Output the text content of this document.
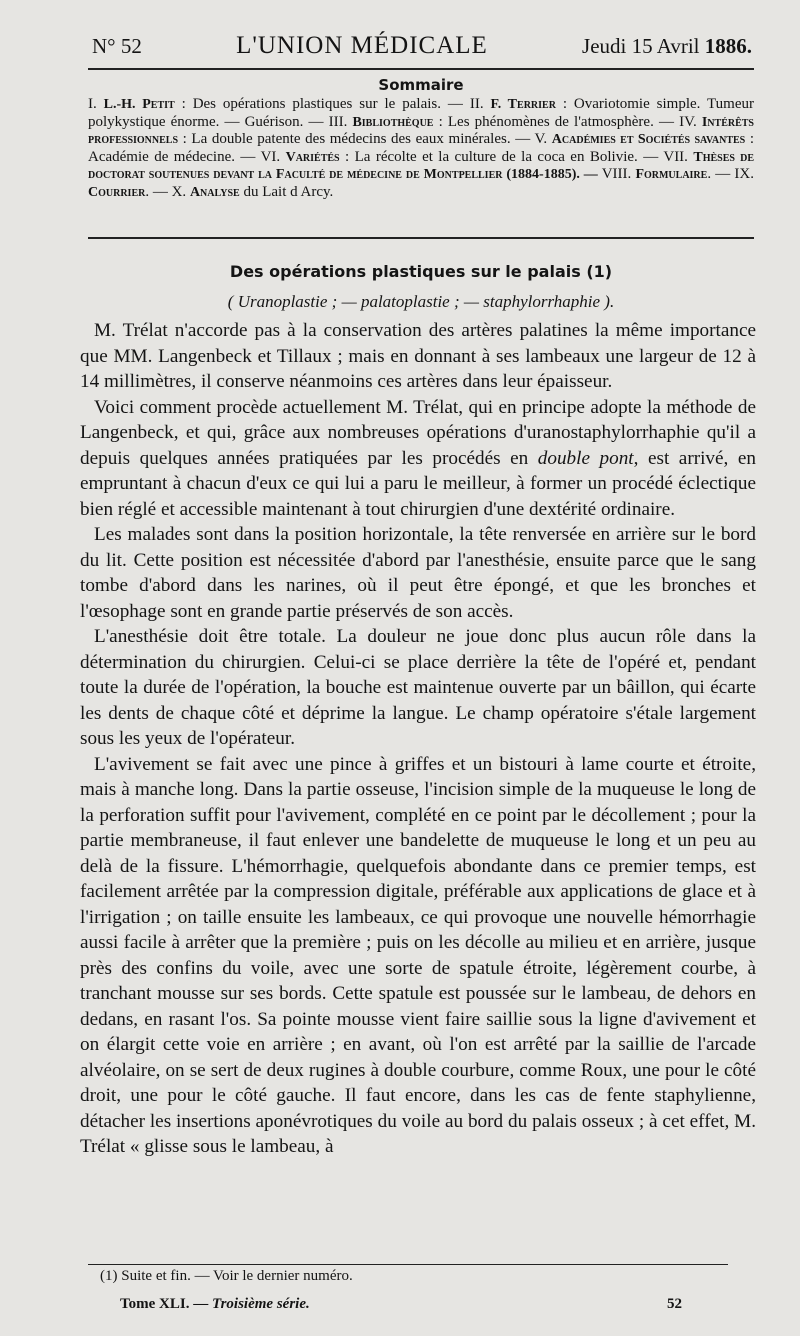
N° 52	L'UNION MÉDICALE	Jeudi 15 Avril 1886.
Sommaire

I. L.-H. Petit : Des opérations plastiques sur le palais. — II. F. Terrier : Ovariotomie simple. Tumeur polykystique énorme. — Guérison. — III. Bibliothèque : Les phénomènes de l'atmosphère. — IV. Intérêts professionnels : La double patente des médecins des eaux minérales. — V. Académies et Sociétés savantes : Académie de médecine. — VI. Variétés : La récolte et la culture de la coca en Bolivie. — VII. Thèses de doctorat soutenues devant la Faculté de médecine de Montpellier (1884-1885). — VIII. Formulaire. — IX. Courrier. — X. Analyse du Lait d Arcy.

Des opérations plastiques sur le palais (1)
( Uranoplastie ; — palatoplastie ; — staphylorrhaphie ).

M. Trélat n'accorde pas à la conservation des artères palatines la même importance que MM. Langenbeck et Tillaux ; mais en donnant à ses lambeaux une largeur de 12 à 14 millimètres, il conserve néanmoins ces artères dans leur épaisseur.

Voici comment procède actuellement M. Trélat, qui en principe adopte la méthode de Langenbeck, et qui, grâce aux nombreuses opérations d'uranostaphylorrhaphie qu'il a depuis quelques années pratiquées par les procédés en double pont, est arrivé, en empruntant à chacun d'eux ce qui lui a paru le meilleur, à former un procédé éclectique bien réglé et accessible maintenant à tout chirurgien d'une dextérité ordinaire.

Les malades sont dans la position horizontale, la tête renversée en arrière sur le bord du lit. Cette position est nécessitée d'abord par l'anesthésie, ensuite parce que le sang tombe d'abord dans les narines, où il peut être épongé, et que les bronches et l'œsophage sont en grande partie préservés de son accès.

L'anesthésie doit être totale. La douleur ne joue donc plus aucun rôle dans la détermination du chirurgien. Celui-ci se place derrière la tête de l'opéré et, pendant toute la durée de l'opération, la bouche est maintenue ouverte par un bâillon, qui écarte les dents de chaque côté et déprime la langue. Le champ opératoire s'étale largement sous les yeux de l'opérateur.

L'avivement se fait avec une pince à griffes et un bistouri à lame courte et étroite, mais à manche long. Dans la partie osseuse, l'incision simple de la muqueuse le long de la perforation suffit pour l'avivement, complété en ce point par le décollement ; pour la partie membraneuse, il faut enlever une bandelette de muqueuse le long et un peu au delà de la fissure. L'hémorrhagie, quelquefois abondante dans ce premier temps, est facilement arrêtée par la compression digitale, préférable aux applications de glace et à l'irrigation ; on taille ensuite les lambeaux, ce qui provoque une nouvelle hémorrhagie aussi facile à arrêter que la première ; puis on les décolle au milieu et en arrière, jusque près des confins du voile, avec une sorte de spatule étroite, légèrement courbe, à tranchant mousse sur ses bords. Cette spatule est poussée sur le lambeau, de dehors en dedans, en rasant l'os. Sa pointe mousse vient faire saillie sous la ligne d'avivement et on élargit cette voie en arrière ; en avant, où l'on est arrêté par la saillie de l'arcade alvéolaire, on se sert de deux rugines à double courbure, comme Roux, une pour le côté droit, une pour le côté gauche. Il faut encore, dans les cas de fente staphylienne, détacher les insertions aponévrotiques du voile au bord du palais osseux ; à cet effet, M. Trélat « glisse sous le lambeau, à

(1) Suite et fin. — Voir le dernier numéro.
Tome XLI. — Troisième série.	52
